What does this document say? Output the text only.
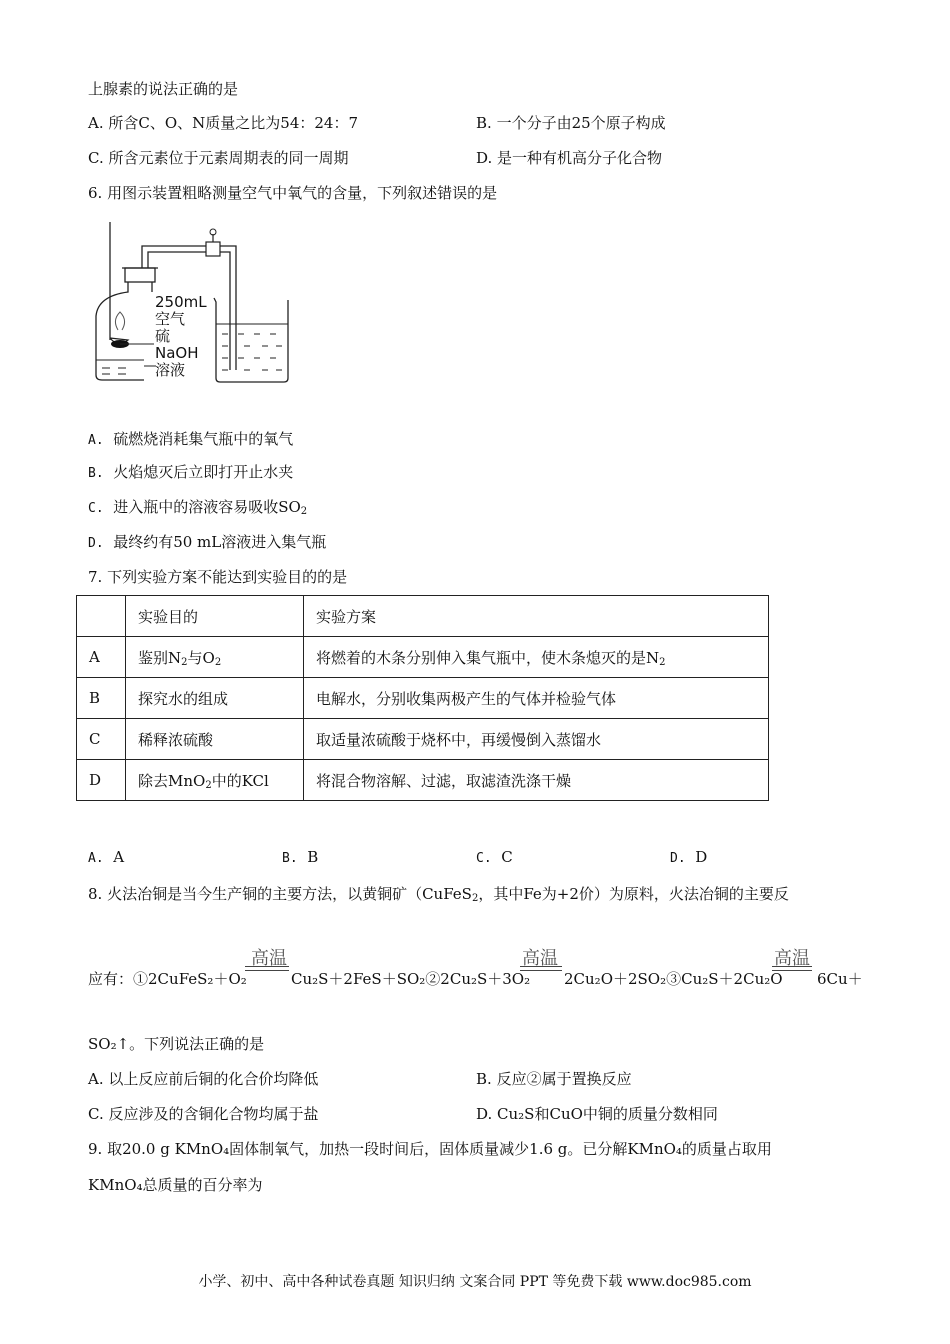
上腺素的说法正确的是
A. 所含C、O、N质量之比为54：24：7	B. 一个分子由25个原子构成
C. 所含元素位于元素周期表的同一周期	D. 是一种有机高分子化合物
6. 用图示装置粗略测量空气中氧气的含量，下列叙述错误的是
250mL
空气
硫
NaOH
溶液
A. 硫燃烧消耗集气瓶中的氧气
B. 火焰熄灭后立即打开止水夹
C. 进入瓶中的溶液容易吸收$SO_2$
D. 最终约有50 mL溶液进入集气瓶
7. 下列实验方案不能达到实验目的的是
	实验目的	实验方案
A	鉴别$N_2$与$O_2$	将燃着的木条分别伸入集气瓶中，使木条熄灭的是$N_2$
B	探究水的组成	电解水，分别收集两极产生的气体并检验气体
C	稀释浓硫酸	取适量浓硫酸于烧杯中，再缓慢倒入蒸馏水
D	除去MnO$_2$中的KCl	将混合物溶解、过滤，取滤渣洗涤干燥
A. A	B. B	C. C	D. D
8. 火法冶铜是当今生产铜的主要方法，以黄铜矿（CuFeS$_2$，其中Fe为+2价）为原料，火法冶铜的主要反
高温	高温	高温
应有：①2CuFeS₂＋O₂	Cu₂S＋2FeS＋SO₂②2Cu₂S＋3O₂ 2Cu₂O＋2SO₂③Cu₂S＋2Cu₂O 6Cu＋
SO₂↑。下列说法正确的是
A. 以上反应前后铜的化合价均降低	B. 反应②属于置换反应
C. 反应涉及的含铜化合物均属于盐	D. Cu₂S和CuO中铜的质量分数相同
9. 取20.0 g KMnO₄固体制氧气，加热一段时间后，固体质量减少1.6 g。已分解KMnO₄的质量占取用
KMnO₄总质量的百分率为
小学、初中、高中各种试卷真题 知识归纳 文案合同 PPT 等免费下载 www.doc985.com
